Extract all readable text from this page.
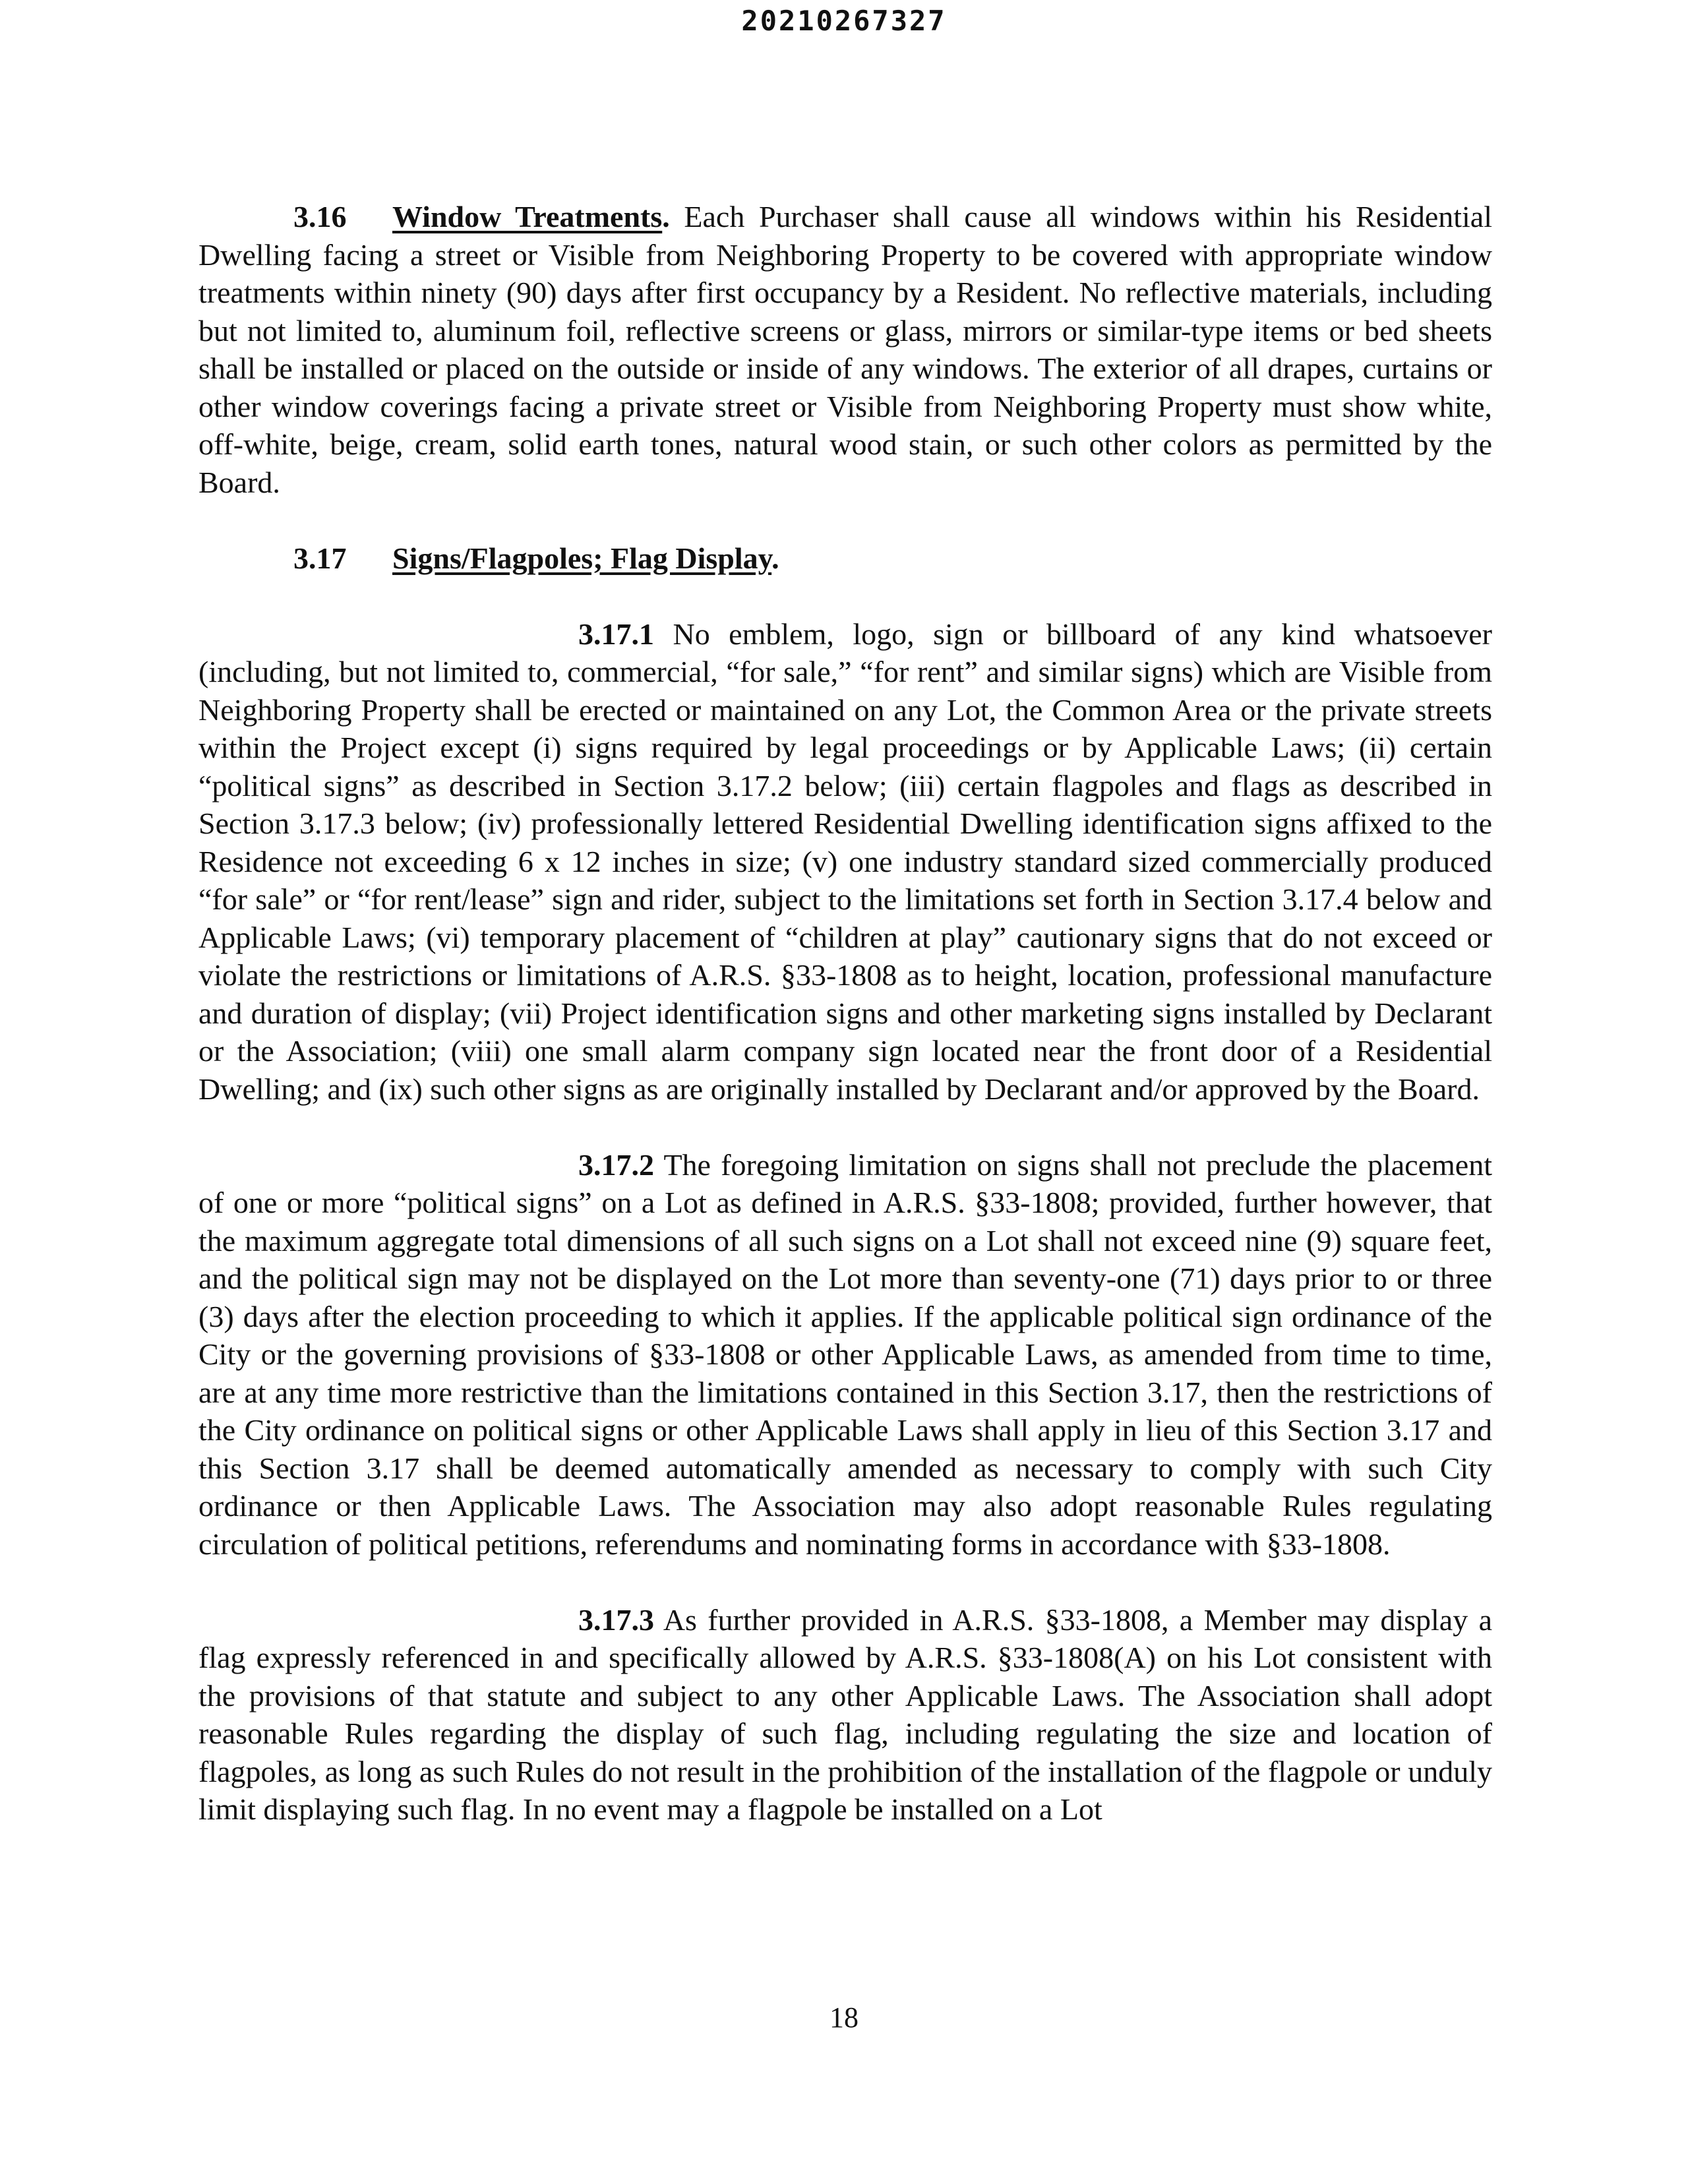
20210267327

3.16 Window Treatments. Each Purchaser shall cause all windows within his Residential Dwelling facing a street or Visible from Neighboring Property to be covered with appropriate window treatments within ninety (90) days after first occupancy by a Resident. No reflective materials, including but not limited to, aluminum foil, reflective screens or glass, mirrors or similar-type items or bed sheets shall be installed or placed on the outside or inside of any windows. The exterior of all drapes, curtains or other window coverings facing a private street or Visible from Neighboring Property must show white, off-white, beige, cream, solid earth tones, natural wood stain, or such other colors as permitted by the Board.

3.17	Signs/Flagpoles; Flag Display.

3.17.1 No emblem, logo, sign or billboard of any kind whatsoever (including, but not limited to, commercial, “for sale,” “for rent” and similar signs) which are Visible from Neighboring Property shall be erected or maintained on any Lot, the Common Area or the private streets within the Project except (i) signs required by legal proceedings or by Applicable Laws; (ii) certain “political signs” as described in Section 3.17.2 below; (iii) certain flagpoles and flags as described in Section 3.17.3 below; (iv) professionally lettered Residential Dwelling identification signs affixed to the Residence not exceeding 6 x 12 inches in size; (v) one industry standard sized commercially produced “for sale” or “for rent/lease” sign and rider, subject to the limitations set forth in Section 3.17.4 below and Applicable Laws; (vi) temporary placement of “children at play” cautionary signs that do not exceed or violate the restrictions or limitations of A.R.S. §33-1808 as to height, location, professional manufacture and duration of display; (vii) Project identification signs and other marketing signs installed by Declarant or the Association; (viii) one small alarm company sign located near the front door of a Residential Dwelling; and (ix) such other signs as are originally installed by Declarant and/or approved by the Board.

3.17.2 The foregoing limitation on signs shall not preclude the placement of one or more “political signs” on a Lot as defined in A.R.S. §33-1808; provided, further however, that the maximum aggregate total dimensions of all such signs on a Lot shall not exceed nine (9) square feet, and the political sign may not be displayed on the Lot more than seventy-one (71) days prior to or three (3) days after the election proceeding to which it applies. If the applicable political sign ordinance of the City or the governing provisions of §33-1808 or other Applicable Laws, as amended from time to time, are at any time more restrictive than the limitations contained in this Section 3.17, then the restrictions of the City ordinance on political signs or other Applicable Laws shall apply in lieu of this Section 3.17 and this Section 3.17 shall be deemed automatically amended as necessary to comply with such City ordinance or then Applicable Laws. The Association may also adopt reasonable Rules regulating circulation of political petitions, referendums and nominating forms in accordance with §33-1808.

3.17.3 As further provided in A.R.S. §33-1808, a Member may display a flag expressly referenced in and specifically allowed by A.R.S. §33-1808(A) on his Lot consistent with the provisions of that statute and subject to any other Applicable Laws. The Association shall adopt reasonable Rules regarding the display of such flag, including regulating the size and location of flagpoles, as long as such Rules do not result in the prohibition of the installation of the flagpole or unduly limit displaying such flag. In no event may a flagpole be installed on a Lot

18
